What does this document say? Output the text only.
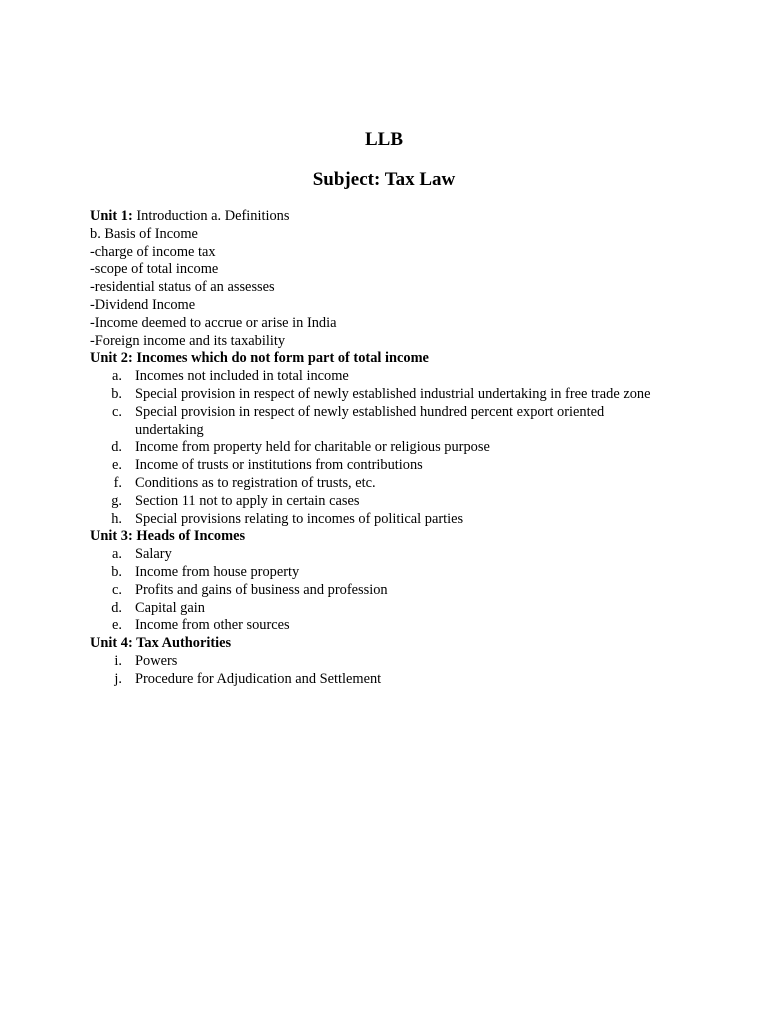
LLB
Subject: Tax Law
Unit 1: Introduction a. Definitions
b. Basis of Income
-charge of income tax
-scope of total income
-residential status of an assesses
-Dividend Income
-Income deemed to accrue or arise in India
-Foreign income and its taxability
Unit 2: Incomes which do not form part of total income
a. Incomes not included in total income
b. Special provision in respect of newly established industrial undertaking in free trade zone
c. Special provision in respect of newly established hundred percent export oriented undertaking
d. Income from property held for charitable or religious purpose
e. Income of trusts or institutions from contributions
f. Conditions as to registration of trusts, etc.
g. Section 11 not to apply in certain cases
h. Special provisions relating to incomes of political parties
Unit 3: Heads of Incomes
a. Salary
b. Income from house property
c. Profits and gains of business and profession
d. Capital gain
e. Income from other sources
Unit 4: Tax Authorities
i. Powers
j. Procedure for Adjudication and Settlement
